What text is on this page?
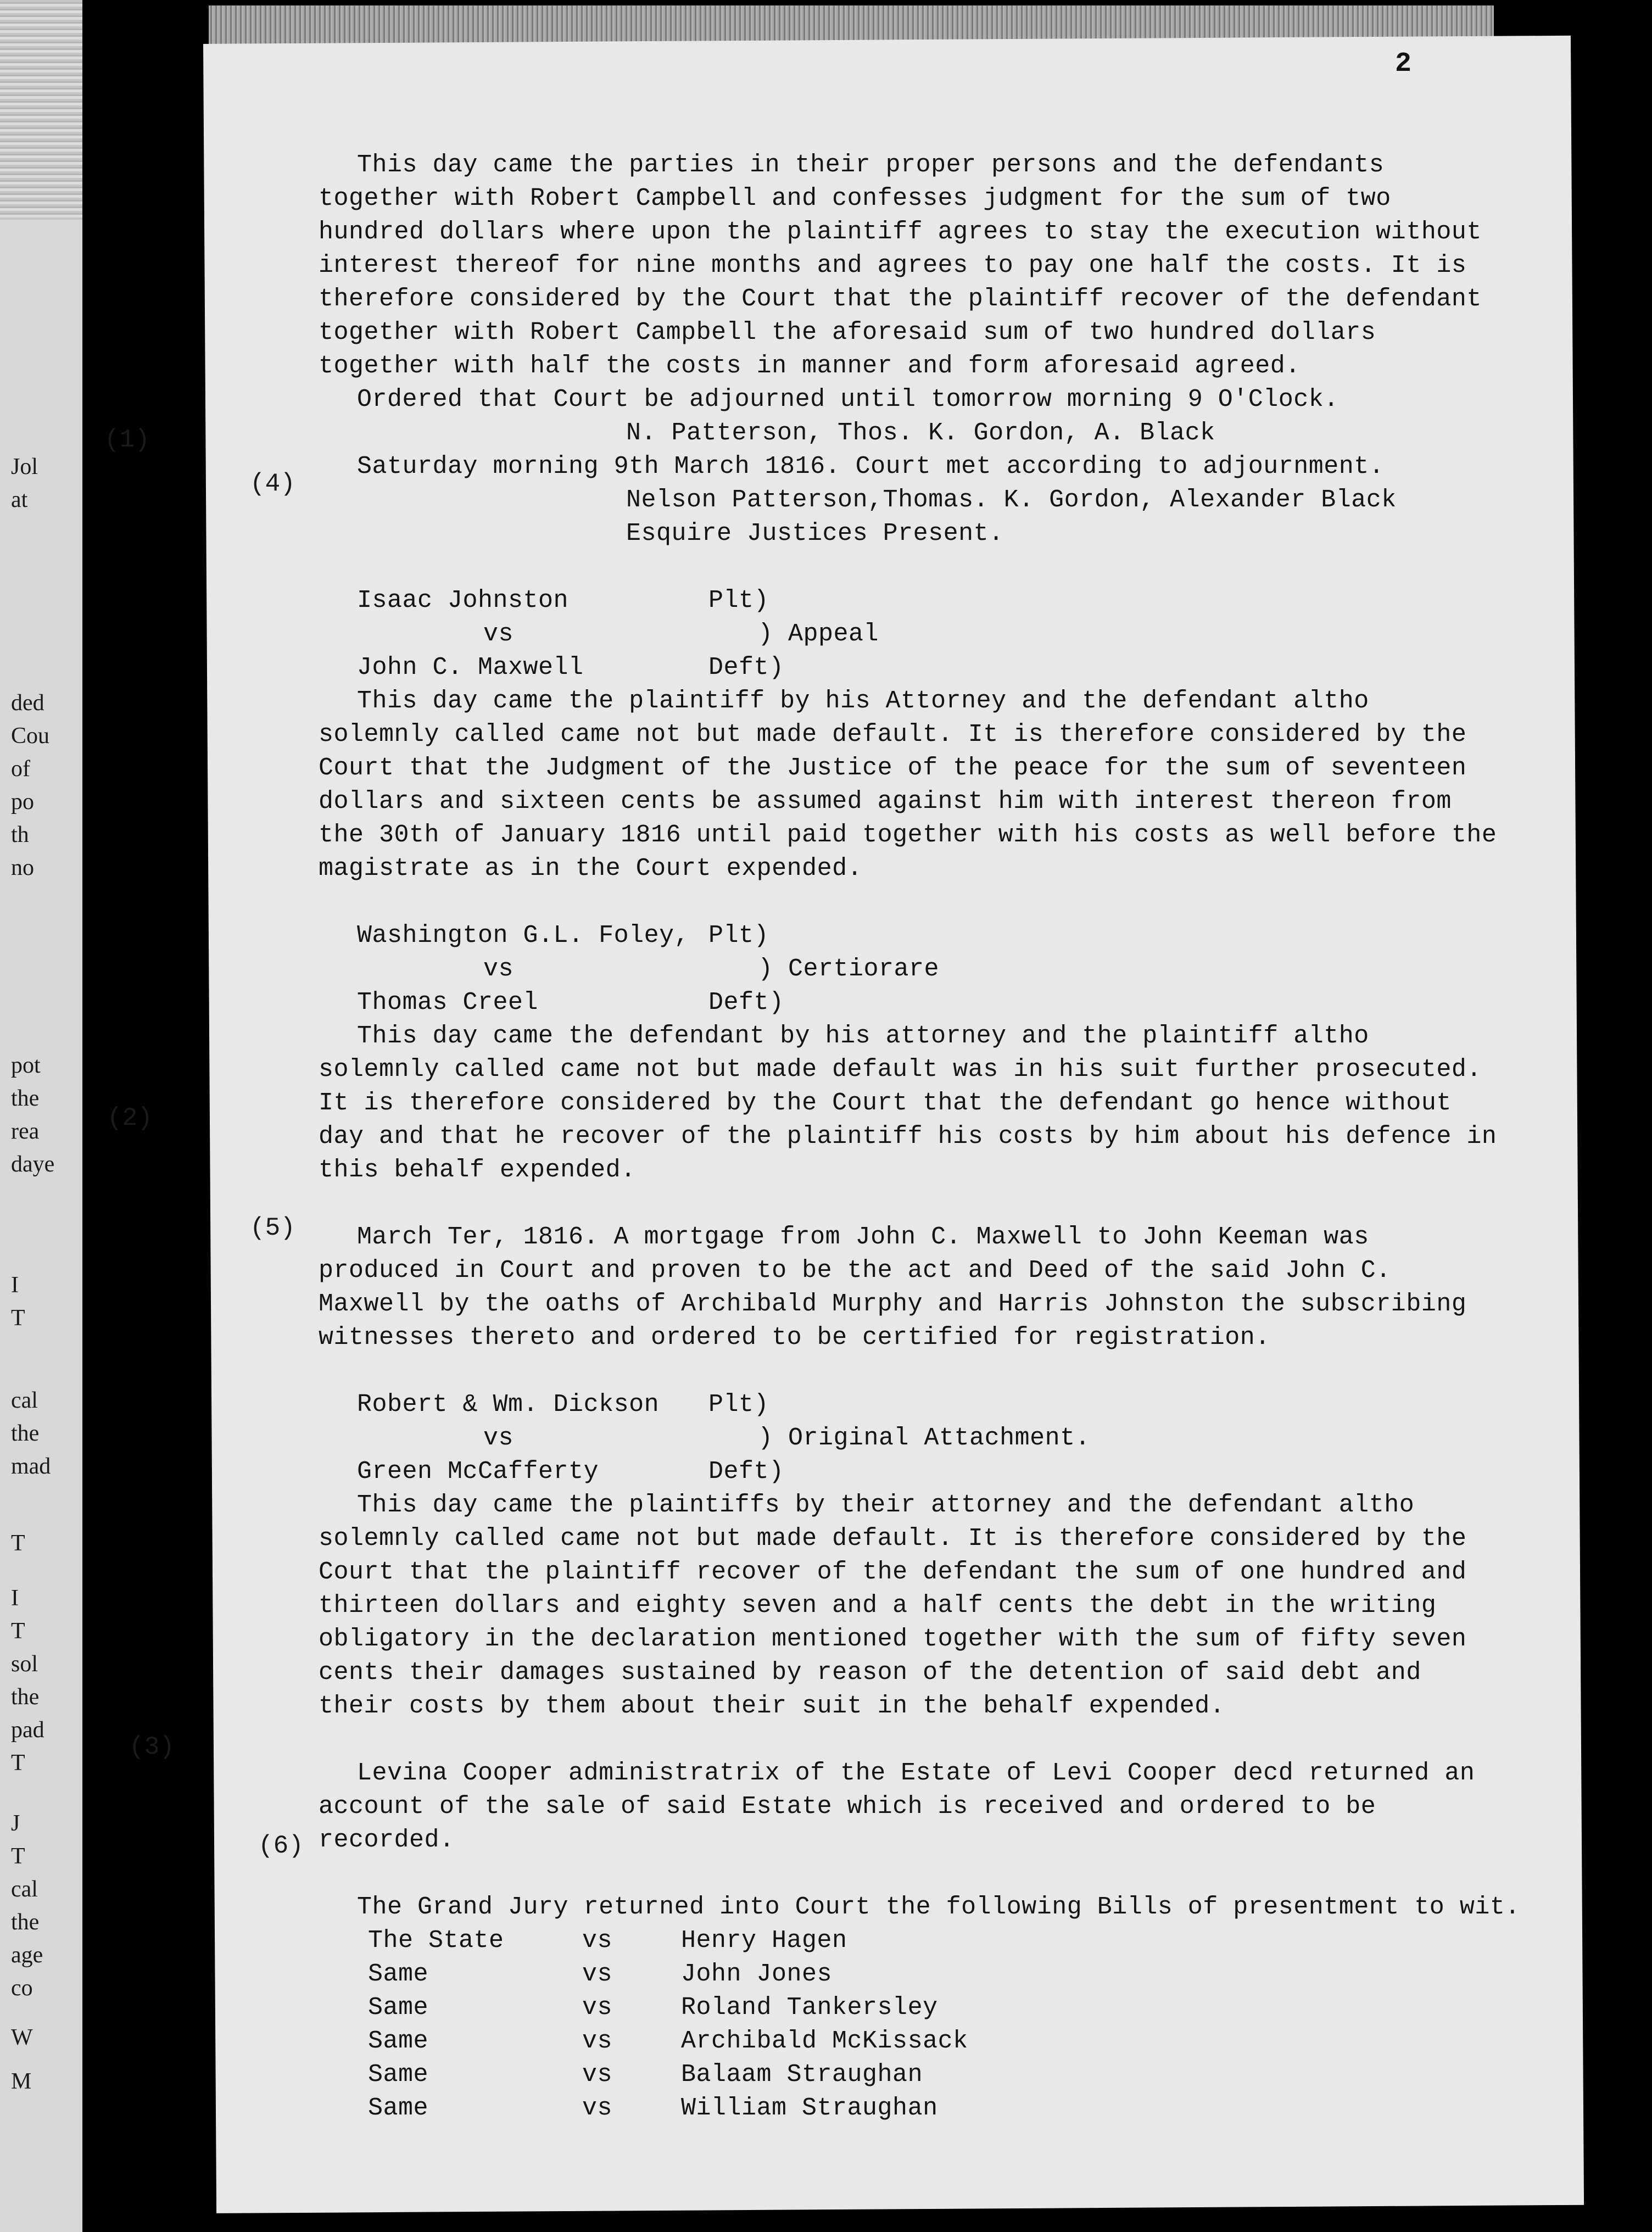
Jol
at
ded
Cou
of
po
th
no
pot
the
rea
daye
I
T
cal
the
mad
T
I
T
sol
the
pad
T
J
T
cal
the
age
co
W
M
2
(1)
(4)
(2)
(5)
(3)
(6)

This day came the parties in their proper persons and the defendants together with Robert Campbell and confesses judgment for the sum of two hundred dollars where upon the plaintiff agrees to stay the execution without interest thereof for nine months and agrees to pay one half the costs. It is therefore considered by the Court that the plaintiff recover of the defendant together with Robert Campbell the aforesaid sum of two hundred dollars together with half the costs in manner and form aforesaid agreed.

Ordered that Court be adjourned until tomorrow morning 9 O'Clock.

N. Patterson, Thos. K. Gordon, A. Black

Saturday morning 9th March 1816. Court met according to adjournment.

Nelson Patterson,Thomas. K. Gordon, Alexander Black

Esquire Justices Present.

Isaac Johnston	Plt)
vs	) Appeal
John C. Maxwell	Deft)

This day came the plaintiff by his Attorney and the defendant altho solemnly called came not but made default. It is therefore considered by the Court that the Judgment of the Justice of the peace for the sum of seventeen dollars and sixteen cents be assumed against him with interest thereon from the 30th of January 1816 until paid together with his costs as well before the magistrate as in the Court expended.

Washington G.L. Foley, Plt)
vs	) Certiorare
Thomas Creel	Deft)

This day came the defendant by his attorney and the plaintiff altho solemnly called came not but made default was in his suit further prosecuted. It is therefore considered by the Court that the defendant go hence without day and that he recover of the plaintiff his costs by him about his defence in this behalf expended.

March Ter, 1816. A mortgage from John C. Maxwell to John Keeman was produced in Court and proven to be the act and Deed of the said John C. Maxwell by the oaths of Archibald Murphy and Harris Johnston the subscribing witnesses thereto and ordered to be certified for registration.

Robert & Wm. Dickson	Plt)
vs	) Original Attachment.
Green McCafferty	Deft)

This day came the plaintiffs by their attorney and the defendant altho solemnly called came not but made default. It is therefore considered by the Court that the plaintiff recover of the defendant the sum of one hundred and thirteen dollars and eighty seven and a half cents the debt in the writing obligatory in the declaration mentioned together with the sum of fifty seven cents their damages sustained by reason of the detention of said debt and their costs by them about their suit in the behalf expended.

Levina Cooper administratrix of the Estate of Levi Cooper decd returned an account of the sale of said Estate which is received and ordered to be recorded.

The Grand Jury returned into Court the following Bills of presentment to wit.

The State	vs	Henry Hagen
Same	vs	John Jones
Same	vs	Roland Tankersley
Same	vs	Archibald McKissack
Same	vs	Balaam Straughan
Same	vs	William Straughan
